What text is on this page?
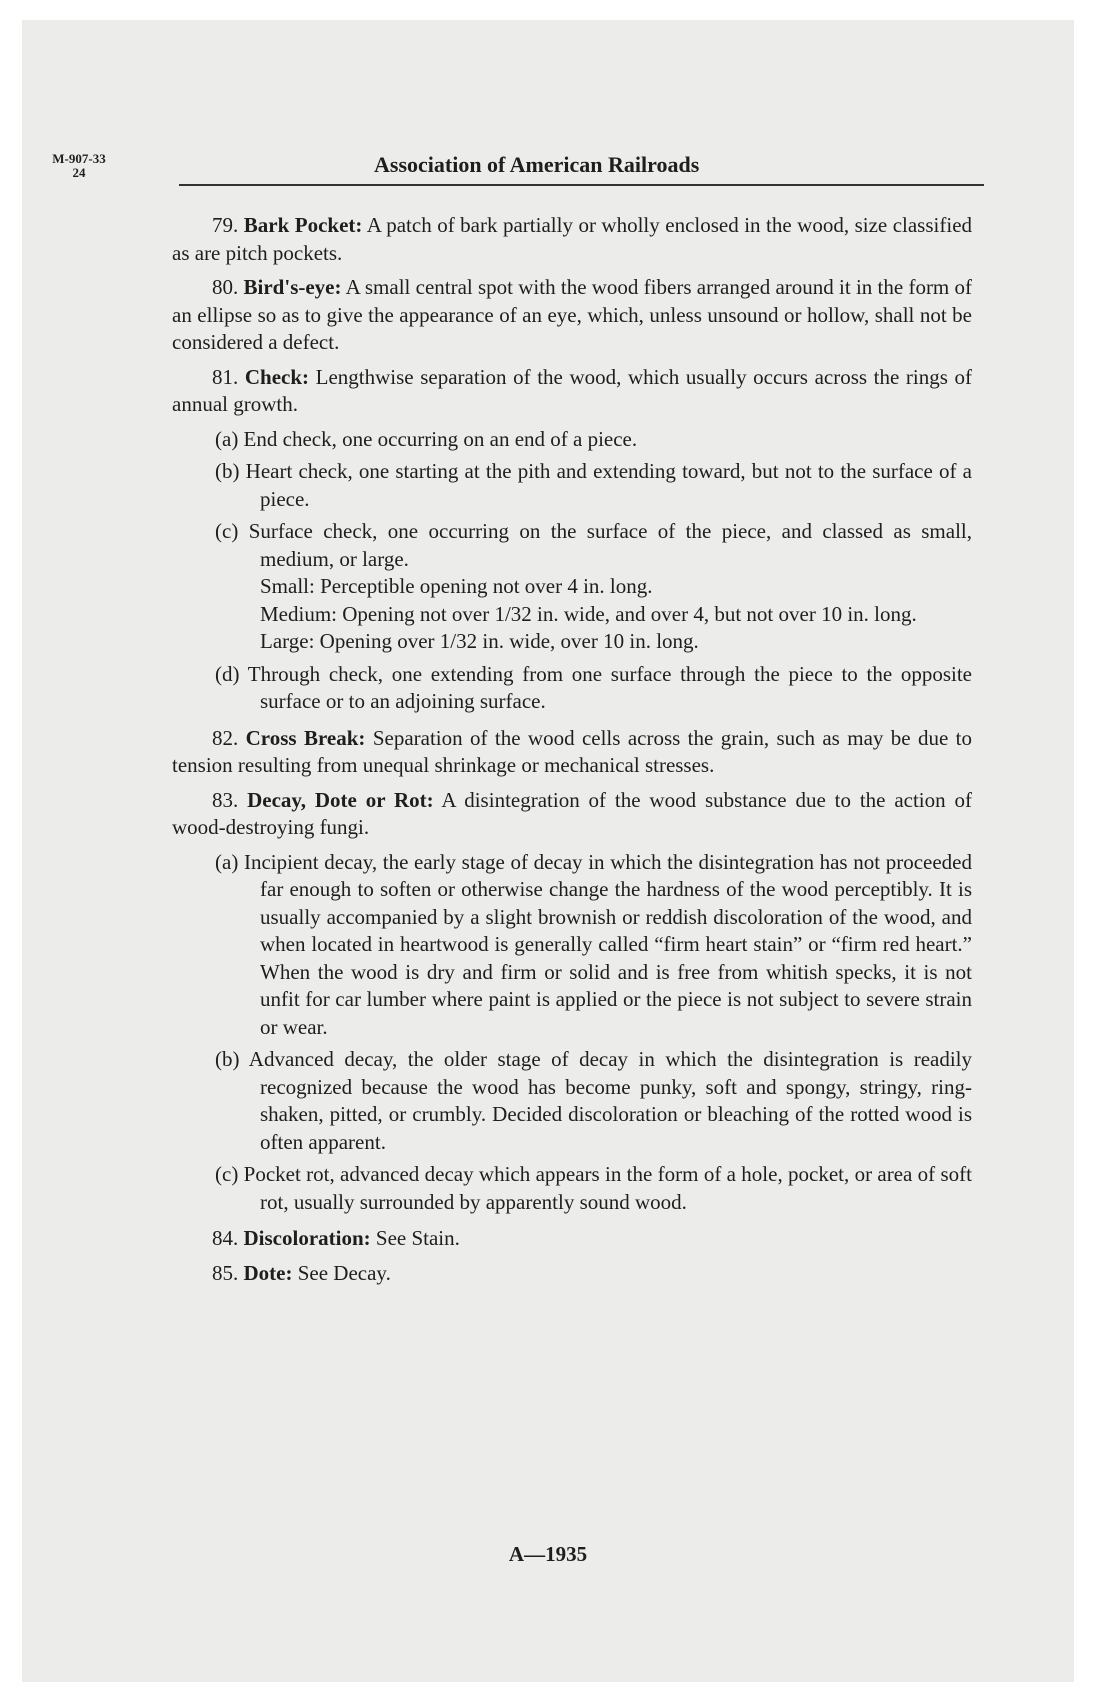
M-907-33
24	Association of American Railroads

79. Bark Pocket: A patch of bark partially or wholly enclosed in the wood, size classified as are pitch pockets.

80. Bird's-eye: A small central spot with the wood fibers arranged around it in the form of an ellipse so as to give the appearance of an eye, which, unless unsound or hollow, shall not be considered a defect.

81. Check: Lengthwise separation of the wood, which usually occurs across the rings of annual growth.

(a) End check, one occurring on an end of a piece.

(b) Heart check, one starting at the pith and extending toward, but not to the surface of a piece.

(c) Surface check, one occurring on the surface of the piece, and classed as small, medium, or large.

Small: Perceptible opening not over 4 in. long.

Medium: Opening not over 1/32 in. wide, and over 4, but not over 10 in. long.

Large: Opening over 1/32 in. wide, over 10 in. long.

(d) Through check, one extending from one surface through the piece to the opposite surface or to an adjoining surface.

82. Cross Break: Separation of the wood cells across the grain, such as may be due to tension resulting from unequal shrinkage or mechanical stresses.

83. Decay, Dote or Rot: A disintegration of the wood substance due to the action of wood-destroying fungi.

(a) Incipient decay, the early stage of decay in which the disintegration has not proceeded far enough to soften or otherwise change the hardness of the wood perceptibly. It is usually accompanied by a slight brownish or reddish discoloration of the wood, and when located in heartwood is generally called “firm heart stain” or “firm red heart.” When the wood is dry and firm or solid and is free from whitish specks, it is not unfit for car lumber where paint is applied or the piece is not subject to severe strain or wear.

(b) Advanced decay, the older stage of decay in which the disintegration is readily recognized because the wood has become punky, soft and spongy, stringy, ring-shaken, pitted, or crumbly. Decided discoloration or bleaching of the rotted wood is often apparent.

(c) Pocket rot, advanced decay which appears in the form of a hole, pocket, or area of soft rot, usually surrounded by apparently sound wood.

84. Discoloration: See Stain.

85. Dote: See Decay.

A—1935
